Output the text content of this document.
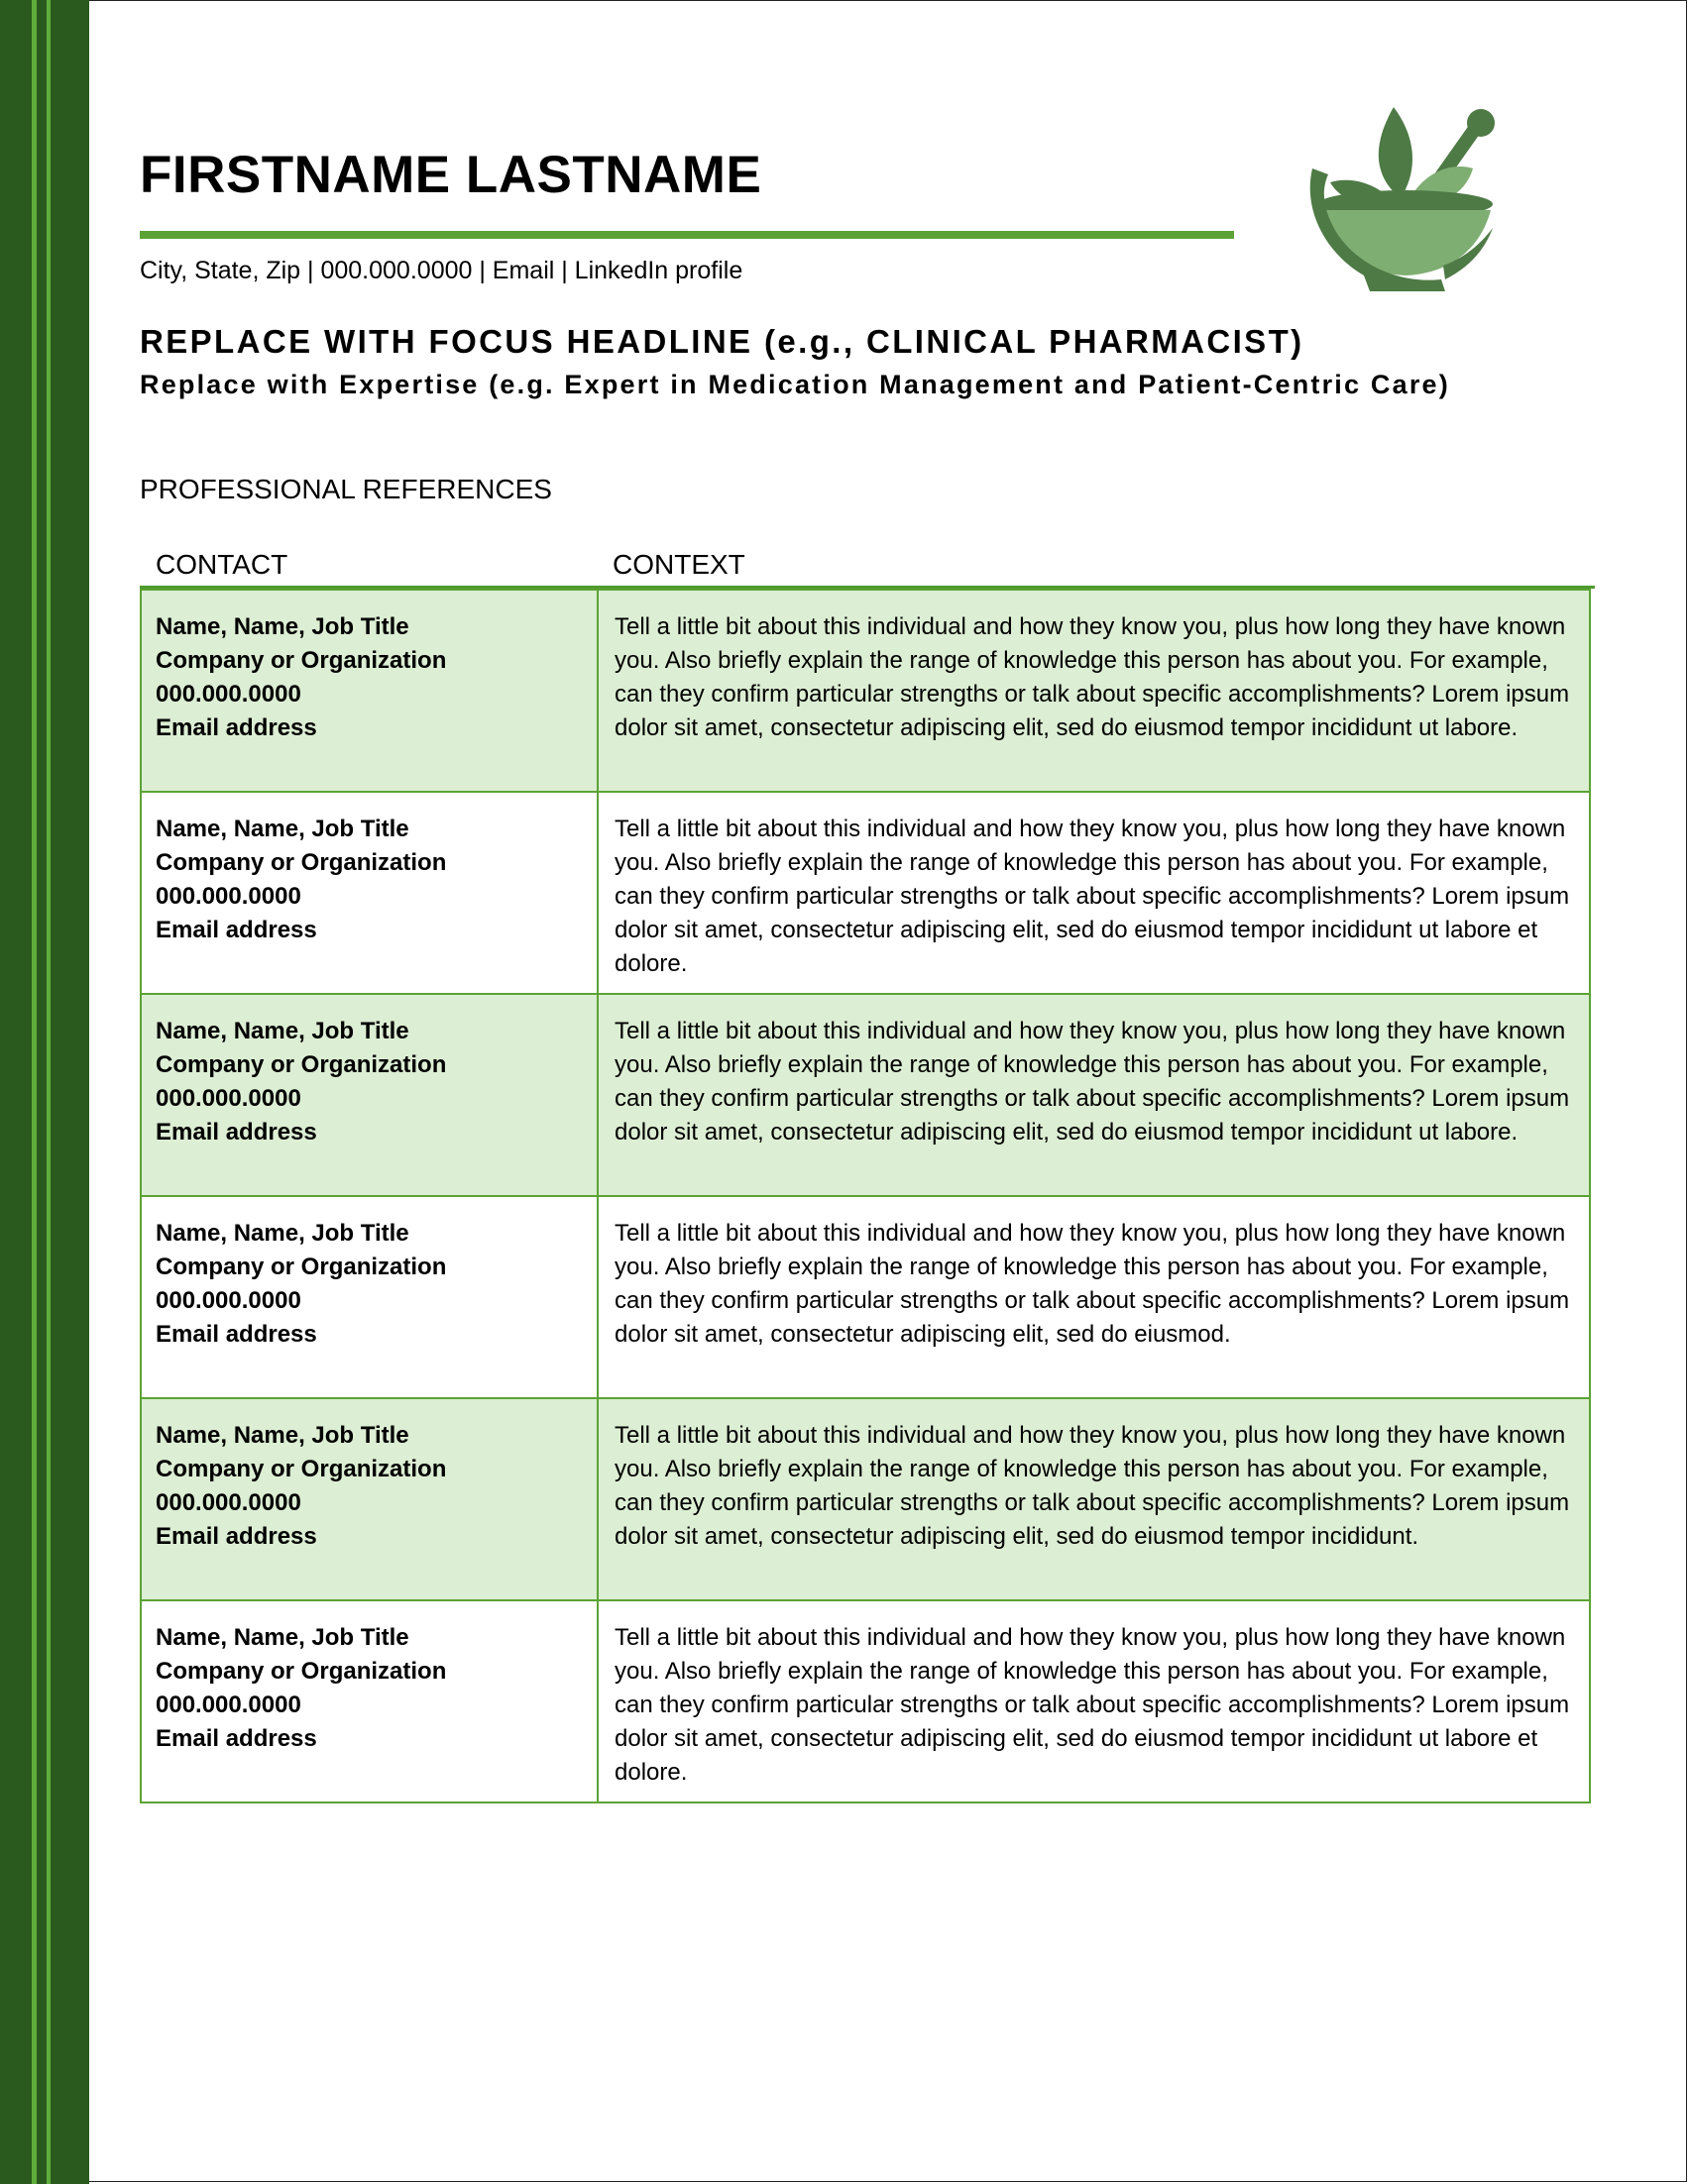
FIRSTNAME LASTNAME
City, State, Zip | 000.000.0000 | Email | LinkedIn profile
REPLACE WITH FOCUS HEADLINE (e.g., CLINICAL PHARMACIST)
Replace with Expertise (e.g. Expert in Medication Management and Patient-Centric Care)
PROFESSIONAL REFERENCES
CONTACT	CONTEXT
Name, Name, Job Title
Company or Organization
000.000.0000
Email address
Tell a little bit about this individual and how they know you, plus how long they have known you. Also briefly explain the range of knowledge this person has about you. For example, can they confirm particular strengths or talk about specific accomplishments? Lorem ipsum dolor sit amet, consectetur adipiscing elit, sed do eiusmod tempor incididunt ut labore.
Name, Name, Job Title
Company or Organization
000.000.0000
Email address
Tell a little bit about this individual and how they know you, plus how long they have known you. Also briefly explain the range of knowledge this person has about you. For example, can they confirm particular strengths or talk about specific accomplishments? Lorem ipsum dolor sit amet, consectetur adipiscing elit, sed do eiusmod tempor incididunt ut labore et dolore.
Name, Name, Job Title
Company or Organization
000.000.0000
Email address
Tell a little bit about this individual and how they know you, plus how long they have known you. Also briefly explain the range of knowledge this person has about you. For example, can they confirm particular strengths or talk about specific accomplishments? Lorem ipsum dolor sit amet, consectetur adipiscing elit, sed do eiusmod tempor incididunt ut labore.
Name, Name, Job Title
Company or Organization
000.000.0000
Email address
Tell a little bit about this individual and how they know you, plus how long they have known you. Also briefly explain the range of knowledge this person has about you. For example, can they confirm particular strengths or talk about specific accomplishments? Lorem ipsum dolor sit amet, consectetur adipiscing elit, sed do eiusmod.
Name, Name, Job Title
Company or Organization
000.000.0000
Email address
Tell a little bit about this individual and how they know you, plus how long they have known you. Also briefly explain the range of knowledge this person has about you. For example, can they confirm particular strengths or talk about specific accomplishments? Lorem ipsum dolor sit amet, consectetur adipiscing elit, sed do eiusmod tempor incididunt.
Name, Name, Job Title
Company or Organization
000.000.0000
Email address
Tell a little bit about this individual and how they know you, plus how long they have known you. Also briefly explain the range of knowledge this person has about you. For example, can they confirm particular strengths or talk about specific accomplishments? Lorem ipsum dolor sit amet, consectetur adipiscing elit, sed do eiusmod tempor incididunt ut labore et dolore.
